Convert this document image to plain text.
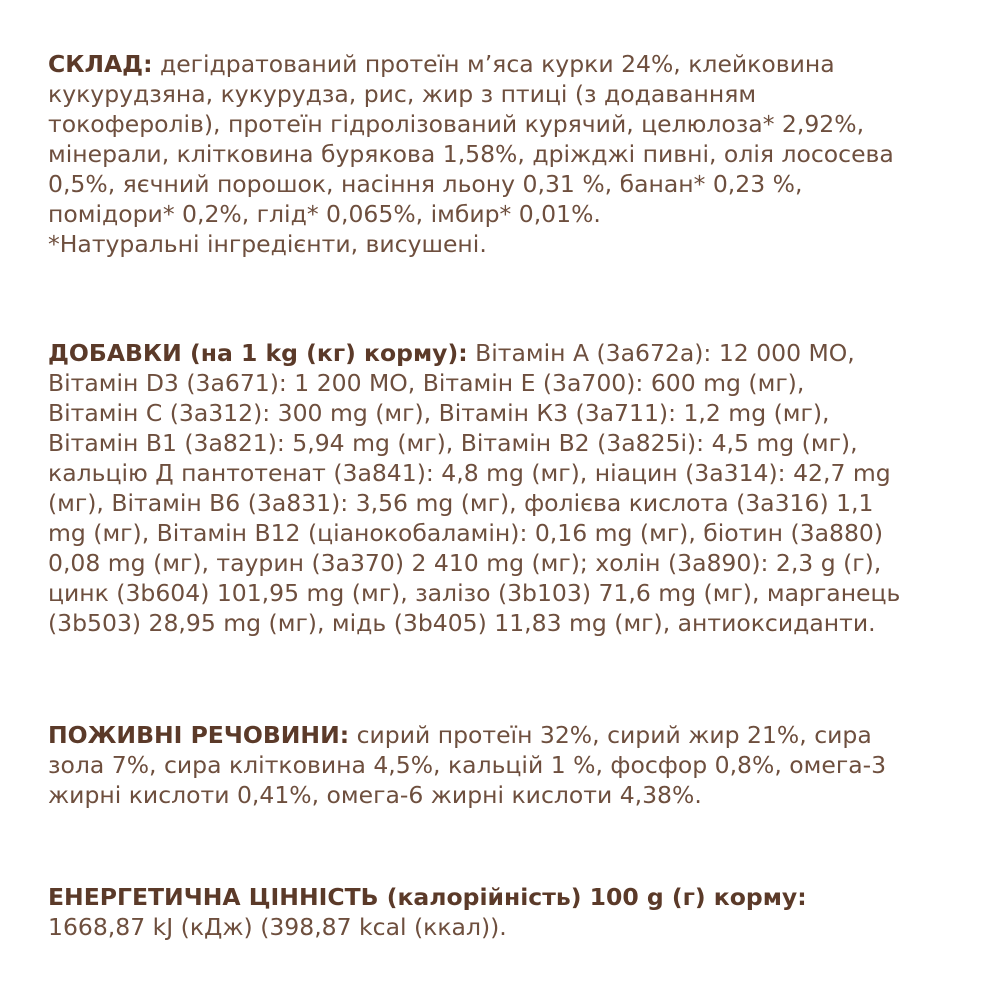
СКЛАД: дегідратований протеїн м’яса курки 24%, клейковина
кукурудзяна, кукурудза, рис, жир з птиці (з додаванням
токоферолів), протеїн гідролізований курячий, целюлоза* 2,92%,
мінерали, клітковина бурякова 1,58%, дріжджі пивні, олія лососева
0,5%, яєчний порошок, насіння льону 0,31 %, банан* 0,23 %,
помідори* 0,2%, глід* 0,065%, імбир* 0,01%.
*Натуральні інгредієнти, висушені.
ДОБАВКИ (на 1 kg (кг) корму): Вітамін А (3a672a): 12 000 МО,
Вітамін D3 (3a671): 1 200 МО, Вітамін Е (3a700): 600 mg (мг),
Вітамін С (3a312): 300 mg (мг), Вітамін К3 (3a711): 1,2 mg (мг),
Вітамін В1 (3a821): 5,94 mg (мг), Вітамін В2 (3a825i): 4,5 mg (мг),
кальцію Д пантотенат (3a841): 4,8 mg (мг), ніацин (3a314): 42,7 mg
(мг), Вітамін В6 (3a831): 3,56 mg (мг), фолієва кислота (3a316) 1,1
mg (мг), Вітамін В12 (ціанокобаламін): 0,16 mg (мг), біотин (3a880)
0,08 mg (мг), таурин (3a370) 2 410 mg (мг); холін (3a890): 2,3 g (г),
цинк (3b604) 101,95 mg (мг), залізо (3b103) 71,6 mg (мг), марганець
(3b503) 28,95 mg (мг), мідь (3b405) 11,83 mg (мг), антиоксиданти.
ПОЖИВНІ РЕЧОВИНИ: сирий протеїн 32%, сирий жир 21%, сира
зола 7%, сира клітковина 4,5%, кальцій 1 %, фосфор 0,8%, омега-3
жирні кислоти 0,41%, омега-6 жирні кислоти 4,38%.
ЕНЕРГЕТИЧНА ЦІННІСТЬ (калорійність) 100 g (г) корму:
1668,87 kJ (кДж) (398,87 kcal (ккал)).
